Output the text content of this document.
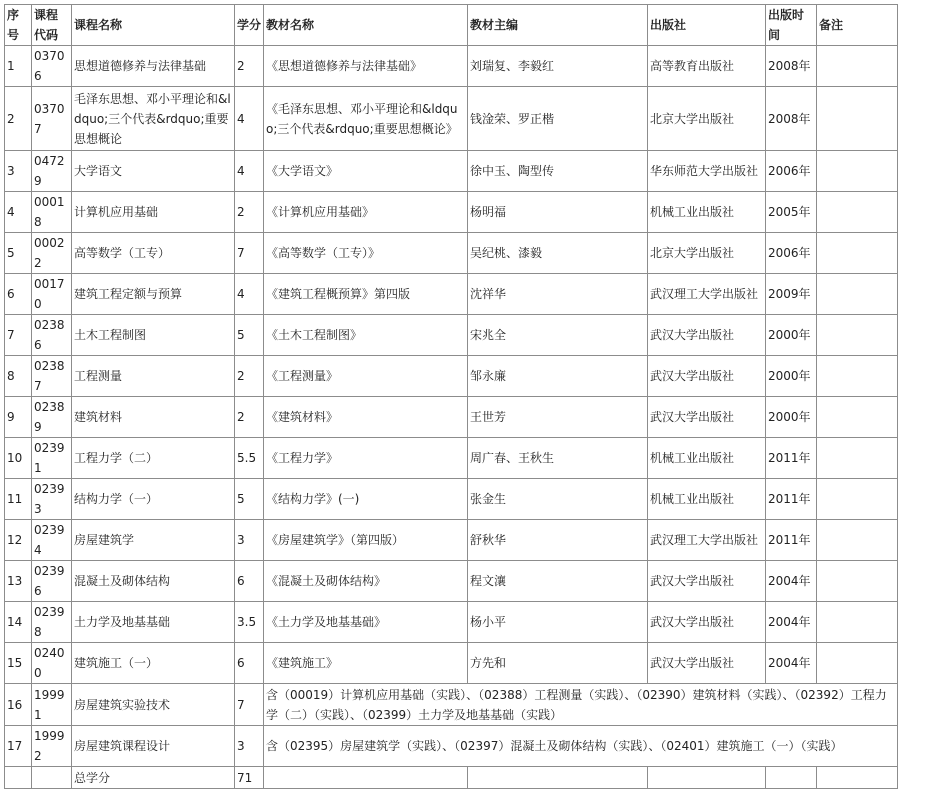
序号	课程代码	课程名称	学分	教材名称	教材主编	出版社	出版时间	备注
1	03706	思想道德修养与法律基础	2	《思想道德修养与法律基础》	刘瑞复、李毅红	高等教育出版社	2008年	
2	03707	毛泽东思想、邓小平理论和&ldquo;三个代表&rdquo;重要思想概论	4	《毛泽东思想、邓小平理论和&ldquo;三个代表&rdquo;重要思想概论》	钱淦荣、罗正楷	北京大学出版社	2008年	
3	04729	大学语文	4	《大学语文》	徐中玉、陶型传	华东师范大学出版社	2006年	
4	00018	计算机应用基础	2	《计算机应用基础》	杨明福	机械工业出版社	2005年	
5	00022	高等数学（工专）	7	《高等数学（工专）》	吴纪桃、漆毅	北京大学出版社	2006年	
6	00170	建筑工程定额与预算	4	《建筑工程概预算》第四版	沈祥华	武汉理工大学出版社	2009年	
7	02386	土木工程制图	5	《土木工程制图》	宋兆全	武汉大学出版社	2000年	
8	02387	工程测量	2	《工程测量》	邹永廉	武汉大学出版社	2000年	
9	02389	建筑材料	2	《建筑材料》	王世芳	武汉大学出版社	2000年	
10	02391	工程力学（二）	5.5	《工程力学》	周广春、王秋生	机械工业出版社	2011年	
11	02393	结构力学（一）	5	《结构力学》(一)	张金生	机械工业出版社	2011年	
12	02394	房屋建筑学	3	《房屋建筑学》（第四版）	舒秋华	武汉理工大学出版社	2011年	
13	02396	混凝土及砌体结构	6	《混凝土及砌体结构》	程文瀼	武汉大学出版社	2004年	
14	02398	土力学及地基基础	3.5	《土力学及地基基础》	杨小平	武汉大学出版社	2004年	
15	02400	建筑施工（一）	6	《建筑施工》	方先和	武汉大学出版社	2004年	
16	19991	房屋建筑实验技术	7	含（00019）计算机应用基础（实践）、（02388）工程测量（实践）、（02390）建筑材料（实践）、（02392）工程力学（二）（实践）、（02399）土力学及地基基础（实践）				
17	19992	房屋建筑课程设计	3	含（02395）房屋建筑学（实践）、（02397）混凝土及砌体结构（实践）、（02401）建筑施工（一）（实践）				
		总学分	71					
